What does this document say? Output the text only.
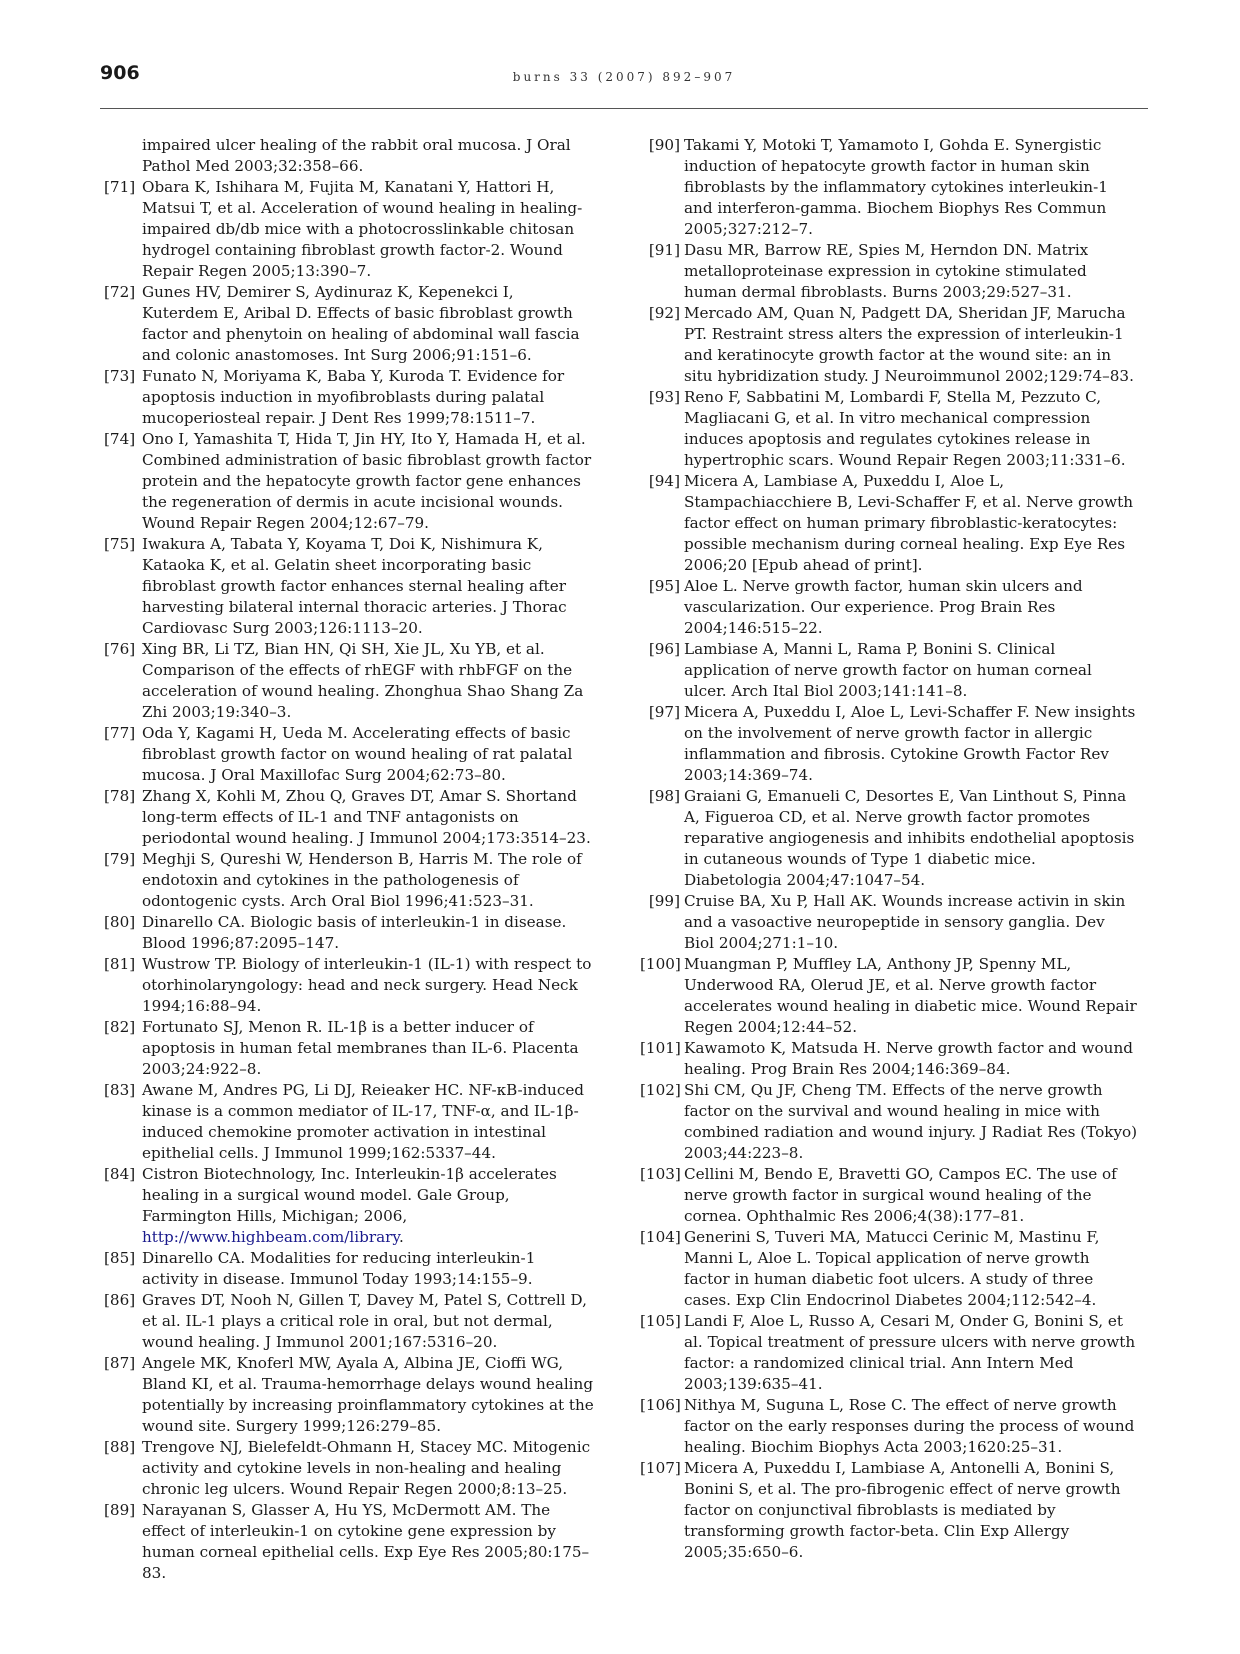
906	burns 33 (2007) 892–907
impaired ulcer healing of the rabbit oral mucosa. J Oral Pathol Med 2003;32:358–66.
[71] Obara K, Ishihara M, Fujita M, Kanatani Y, Hattori H, Matsui T, et al. Acceleration of wound healing in healing-impaired db/db mice with a photocrosslinkable chitosan hydrogel containing fibroblast growth factor-2. Wound Repair Regen 2005;13:390–7.
[72] Gunes HV, Demirer S, Aydinuraz K, Kepenekci I, Kuterdem E, Aribal D. Effects of basic fibroblast growth factor and phenytoin on healing of abdominal wall fascia and colonic anastomoses. Int Surg 2006;91:151–6.
[73] Funato N, Moriyama K, Baba Y, Kuroda T. Evidence for apoptosis induction in myofibroblasts during palatal mucoperiosteal repair. J Dent Res 1999;78:1511–7.
[74] Ono I, Yamashita T, Hida T, Jin HY, Ito Y, Hamada H, et al. Combined administration of basic fibroblast growth factor protein and the hepatocyte growth factor gene enhances the regeneration of dermis in acute incisional wounds. Wound Repair Regen 2004;12:67–79.
[75] Iwakura A, Tabata Y, Koyama T, Doi K, Nishimura K, Kataoka K, et al. Gelatin sheet incorporating basic fibroblast growth factor enhances sternal healing after harvesting bilateral internal thoracic arteries. J Thorac Cardiovasc Surg 2003;126:1113–20.
[76] Xing BR, Li TZ, Bian HN, Qi SH, Xie JL, Xu YB, et al. Comparison of the effects of rhEGF with rhbFGF on the acceleration of wound healing. Zhonghua Shao Shang Za Zhi 2003;19:340–3.
[77] Oda Y, Kagami H, Ueda M. Accelerating effects of basic fibroblast growth factor on wound healing of rat palatal mucosa. J Oral Maxillofac Surg 2004;62:73–80.
[78] Zhang X, Kohli M, Zhou Q, Graves DT, Amar S. Shortand long-term effects of IL-1 and TNF antagonists on periodontal wound healing. J Immunol 2004;173:3514–23.
[79] Meghji S, Qureshi W, Henderson B, Harris M. The role of endotoxin and cytokines in the pathologenesis of odontogenic cysts. Arch Oral Biol 1996;41:523–31.
[80] Dinarello CA. Biologic basis of interleukin-1 in disease. Blood 1996;87:2095–147.
[81] Wustrow TP. Biology of interleukin-1 (IL-1) with respect to otorhinolaryngology: head and neck surgery. Head Neck 1994;16:88–94.
[82] Fortunato SJ, Menon R. IL-1β is a better inducer of apoptosis in human fetal membranes than IL-6. Placenta 2003;24:922–8.
[83] Awane M, Andres PG, Li DJ, Reieaker HC. NF-κB-induced kinase is a common mediator of IL-17, TNF-α, and IL-1β-induced chemokine promoter activation in intestinal epithelial cells. J Immunol 1999;162:5337–44.
[84] Cistron Biotechnology, Inc. Interleukin-1β accelerates healing in a surgical wound model. Gale Group, Farmington Hills, Michigan; 2006, http://www.highbeam.com/library.
[85] Dinarello CA. Modalities for reducing interleukin-1 activity in disease. Immunol Today 1993;14:155–9.
[86] Graves DT, Nooh N, Gillen T, Davey M, Patel S, Cottrell D, et al. IL-1 plays a critical role in oral, but not dermal, wound healing. J Immunol 2001;167:5316–20.
[87] Angele MK, Knoferl MW, Ayala A, Albina JE, Cioffi WG, Bland KI, et al. Trauma-hemorrhage delays wound healing potentially by increasing proinflammatory cytokines at the wound site. Surgery 1999;126:279–85.
[88] Trengove NJ, Bielefeldt-Ohmann H, Stacey MC. Mitogenic activity and cytokine levels in non-healing and healing chronic leg ulcers. Wound Repair Regen 2000;8:13–25.
[89] Narayanan S, Glasser A, Hu YS, McDermott AM. The effect of interleukin-1 on cytokine gene expression by human corneal epithelial cells. Exp Eye Res 2005;80:175–83.
[90] Takami Y, Motoki T, Yamamoto I, Gohda E. Synergistic induction of hepatocyte growth factor in human skin fibroblasts by the inflammatory cytokines interleukin-1 and interferon-gamma. Biochem Biophys Res Commun 2005;327:212–7.
[91] Dasu MR, Barrow RE, Spies M, Herndon DN. Matrix metalloproteinase expression in cytokine stimulated human dermal fibroblasts. Burns 2003;29:527–31.
[92] Mercado AM, Quan N, Padgett DA, Sheridan JF, Marucha PT. Restraint stress alters the expression of interleukin-1 and keratinocyte growth factor at the wound site: an in situ hybridization study. J Neuroimmunol 2002;129:74–83.
[93] Reno F, Sabbatini M, Lombardi F, Stella M, Pezzuto C, Magliacani G, et al. In vitro mechanical compression induces apoptosis and regulates cytokines release in hypertrophic scars. Wound Repair Regen 2003;11:331–6.
[94] Micera A, Lambiase A, Puxeddu I, Aloe L, Stampachiacchiere B, Levi-Schaffer F, et al. Nerve growth factor effect on human primary fibroblastic-keratocytes: possible mechanism during corneal healing. Exp Eye Res 2006;20 [Epub ahead of print].
[95] Aloe L. Nerve growth factor, human skin ulcers and vascularization. Our experience. Prog Brain Res 2004;146:515–22.
[96] Lambiase A, Manni L, Rama P, Bonini S. Clinical application of nerve growth factor on human corneal ulcer. Arch Ital Biol 2003;141:141–8.
[97] Micera A, Puxeddu I, Aloe L, Levi-Schaffer F. New insights on the involvement of nerve growth factor in allergic inflammation and fibrosis. Cytokine Growth Factor Rev 2003;14:369–74.
[98] Graiani G, Emanueli C, Desortes E, Van Linthout S, Pinna A, Figueroa CD, et al. Nerve growth factor promotes reparative angiogenesis and inhibits endothelial apoptosis in cutaneous wounds of Type 1 diabetic mice. Diabetologia 2004;47:1047–54.
[99] Cruise BA, Xu P, Hall AK. Wounds increase activin in skin and a vasoactive neuropeptide in sensory ganglia. Dev Biol 2004;271:1–10.
[100] Muangman P, Muffley LA, Anthony JP, Spenny ML, Underwood RA, Olerud JE, et al. Nerve growth factor accelerates wound healing in diabetic mice. Wound Repair Regen 2004;12:44–52.
[101] Kawamoto K, Matsuda H. Nerve growth factor and wound healing. Prog Brain Res 2004;146:369–84.
[102] Shi CM, Qu JF, Cheng TM. Effects of the nerve growth factor on the survival and wound healing in mice with combined radiation and wound injury. J Radiat Res (Tokyo) 2003;44:223–8.
[103] Cellini M, Bendo E, Bravetti GO, Campos EC. The use of nerve growth factor in surgical wound healing of the cornea. Ophthalmic Res 2006;4(38):177–81.
[104] Generini S, Tuveri MA, Matucci Cerinic M, Mastinu F, Manni L, Aloe L. Topical application of nerve growth factor in human diabetic foot ulcers. A study of three cases. Exp Clin Endocrinol Diabetes 2004;112:542–4.
[105] Landi F, Aloe L, Russo A, Cesari M, Onder G, Bonini S, et al. Topical treatment of pressure ulcers with nerve growth factor: a randomized clinical trial. Ann Intern Med 2003;139:635–41.
[106] Nithya M, Suguna L, Rose C. The effect of nerve growth factor on the early responses during the process of wound healing. Biochim Biophys Acta 2003;1620:25–31.
[107] Micera A, Puxeddu I, Lambiase A, Antonelli A, Bonini S, Bonini S, et al. The pro-fibrogenic effect of nerve growth factor on conjunctival fibroblasts is mediated by transforming growth factor-beta. Clin Exp Allergy 2005;35:650–6.
